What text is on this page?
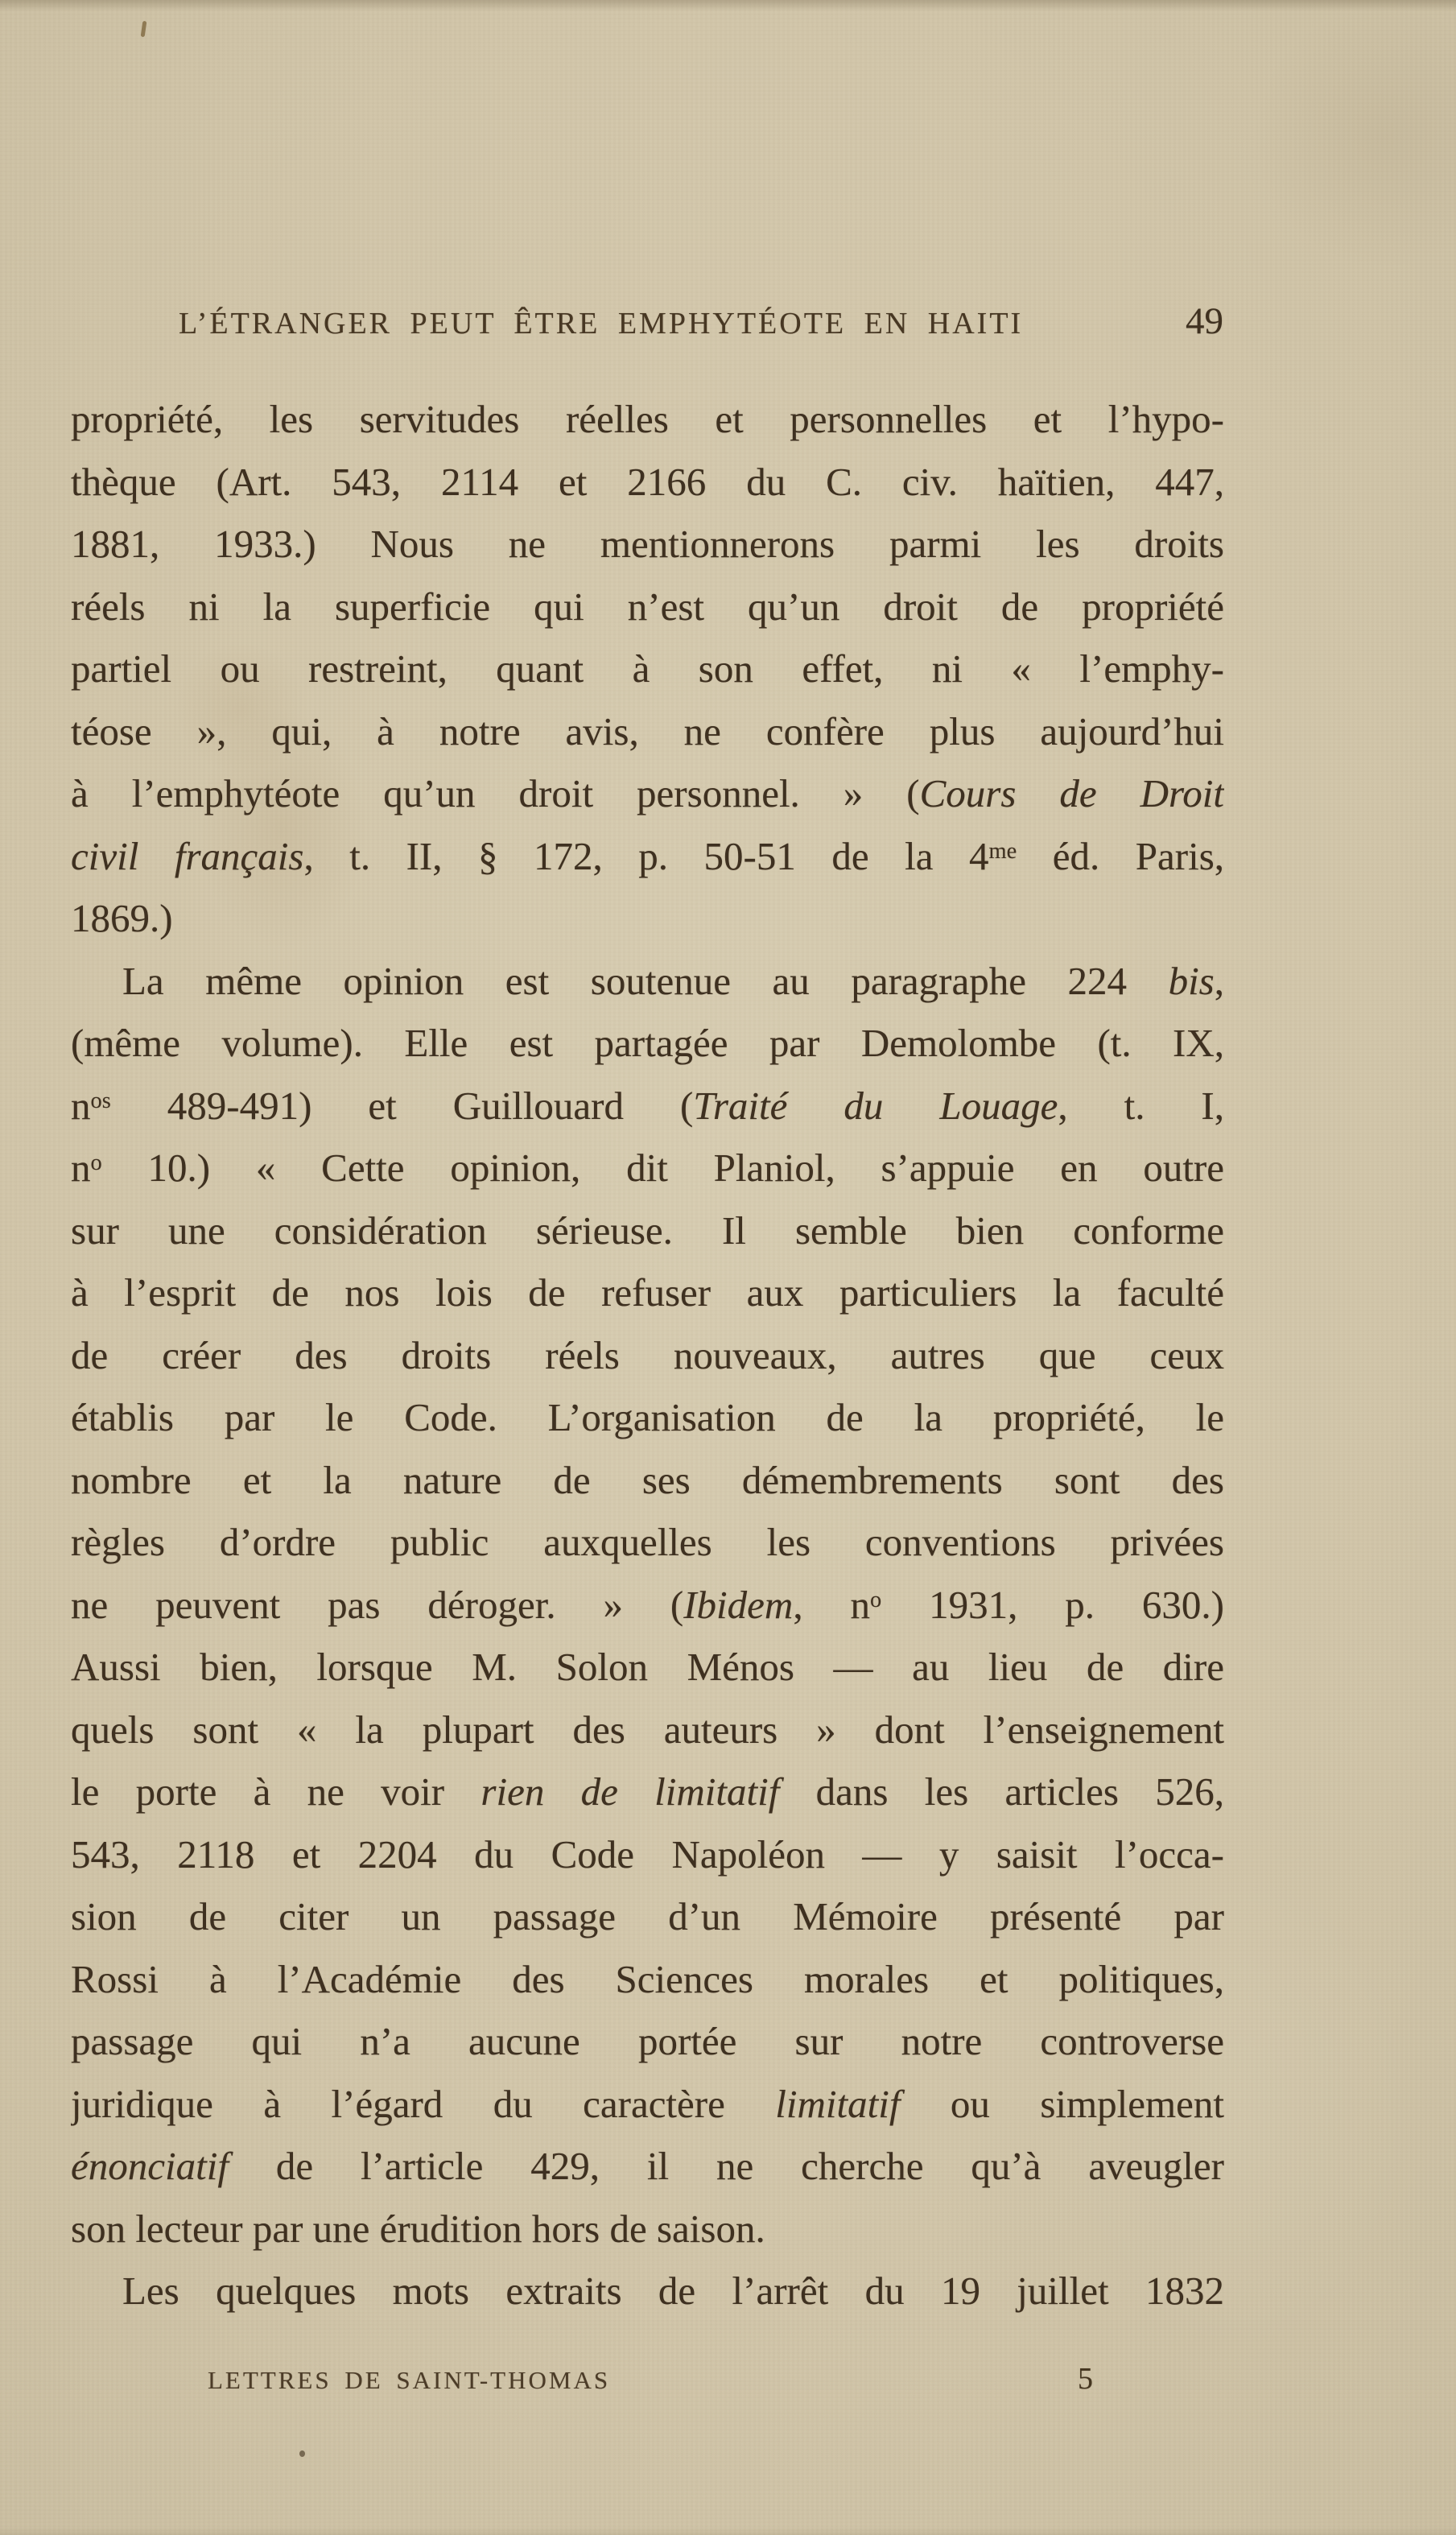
L’ÉTRANGER PEUT ÊTRE EMPHYTÉOTE EN HAITI	49
propriété, les servitudes réelles et personnelles et l’hypo-
thèque (Art. 543, 2114 et 2166 du C. civ. haïtien, 447,
1881, 1933.) Nous ne mentionnerons parmi les droits
réels ni la superficie qui n’est qu’un droit de propriété
partiel ou restreint, quant à son effet, ni « l’emphy-
téose », qui, à notre avis, ne confère plus aujourd’hui
à l’emphytéote qu’un droit personnel. » (Cours de Droit
civil français, t. II, § 172, p. 50-51 de la $4^{me}$ éd. Paris,
1869.)
La même opinion est soutenue au paragraphe 224 bis,
(même volume). Elle est partagée par Demolombe (t. IX,
$n^{os}$ 489-491) et Guillouard (Traité du Louage, t. I,
$n^o$ 10.) « Cette opinion, dit Planiol, s’appuie en outre
sur une considération sérieuse. Il semble bien conforme
à l’esprit de nos lois de refuser aux particuliers la faculté
de créer des droits réels nouveaux, autres que ceux
établis par le Code. L’organisation de la propriété, le
nombre et la nature de ses démembrements sont des
règles d’ordre public auxquelles les conventions privées
ne peuvent pas déroger. » (Ibidem, $n^o$ 1931, p. 630.)
Aussi bien, lorsque M. Solon Ménos — au lieu de dire
quels sont « la plupart des auteurs » dont l’enseignement
le porte à ne voir rien de limitatif dans les articles 526,
543, 2118 et 2204 du Code Napoléon — y saisit l’occa-
sion de citer un passage d’un Mémoire présenté par
Rossi à l’Académie des Sciences morales et politiques,
passage qui n’a aucune portée sur notre controverse
juridique à l’égard du caractère limitatif ou simplement
énonciatif de l’article 429, il ne cherche qu’à aveugler
son lecteur par une érudition hors de saison.
Les quelques mots extraits de l’arrêt du 19 juillet 1832
LETTRES DE SAINT-THOMAS	5
